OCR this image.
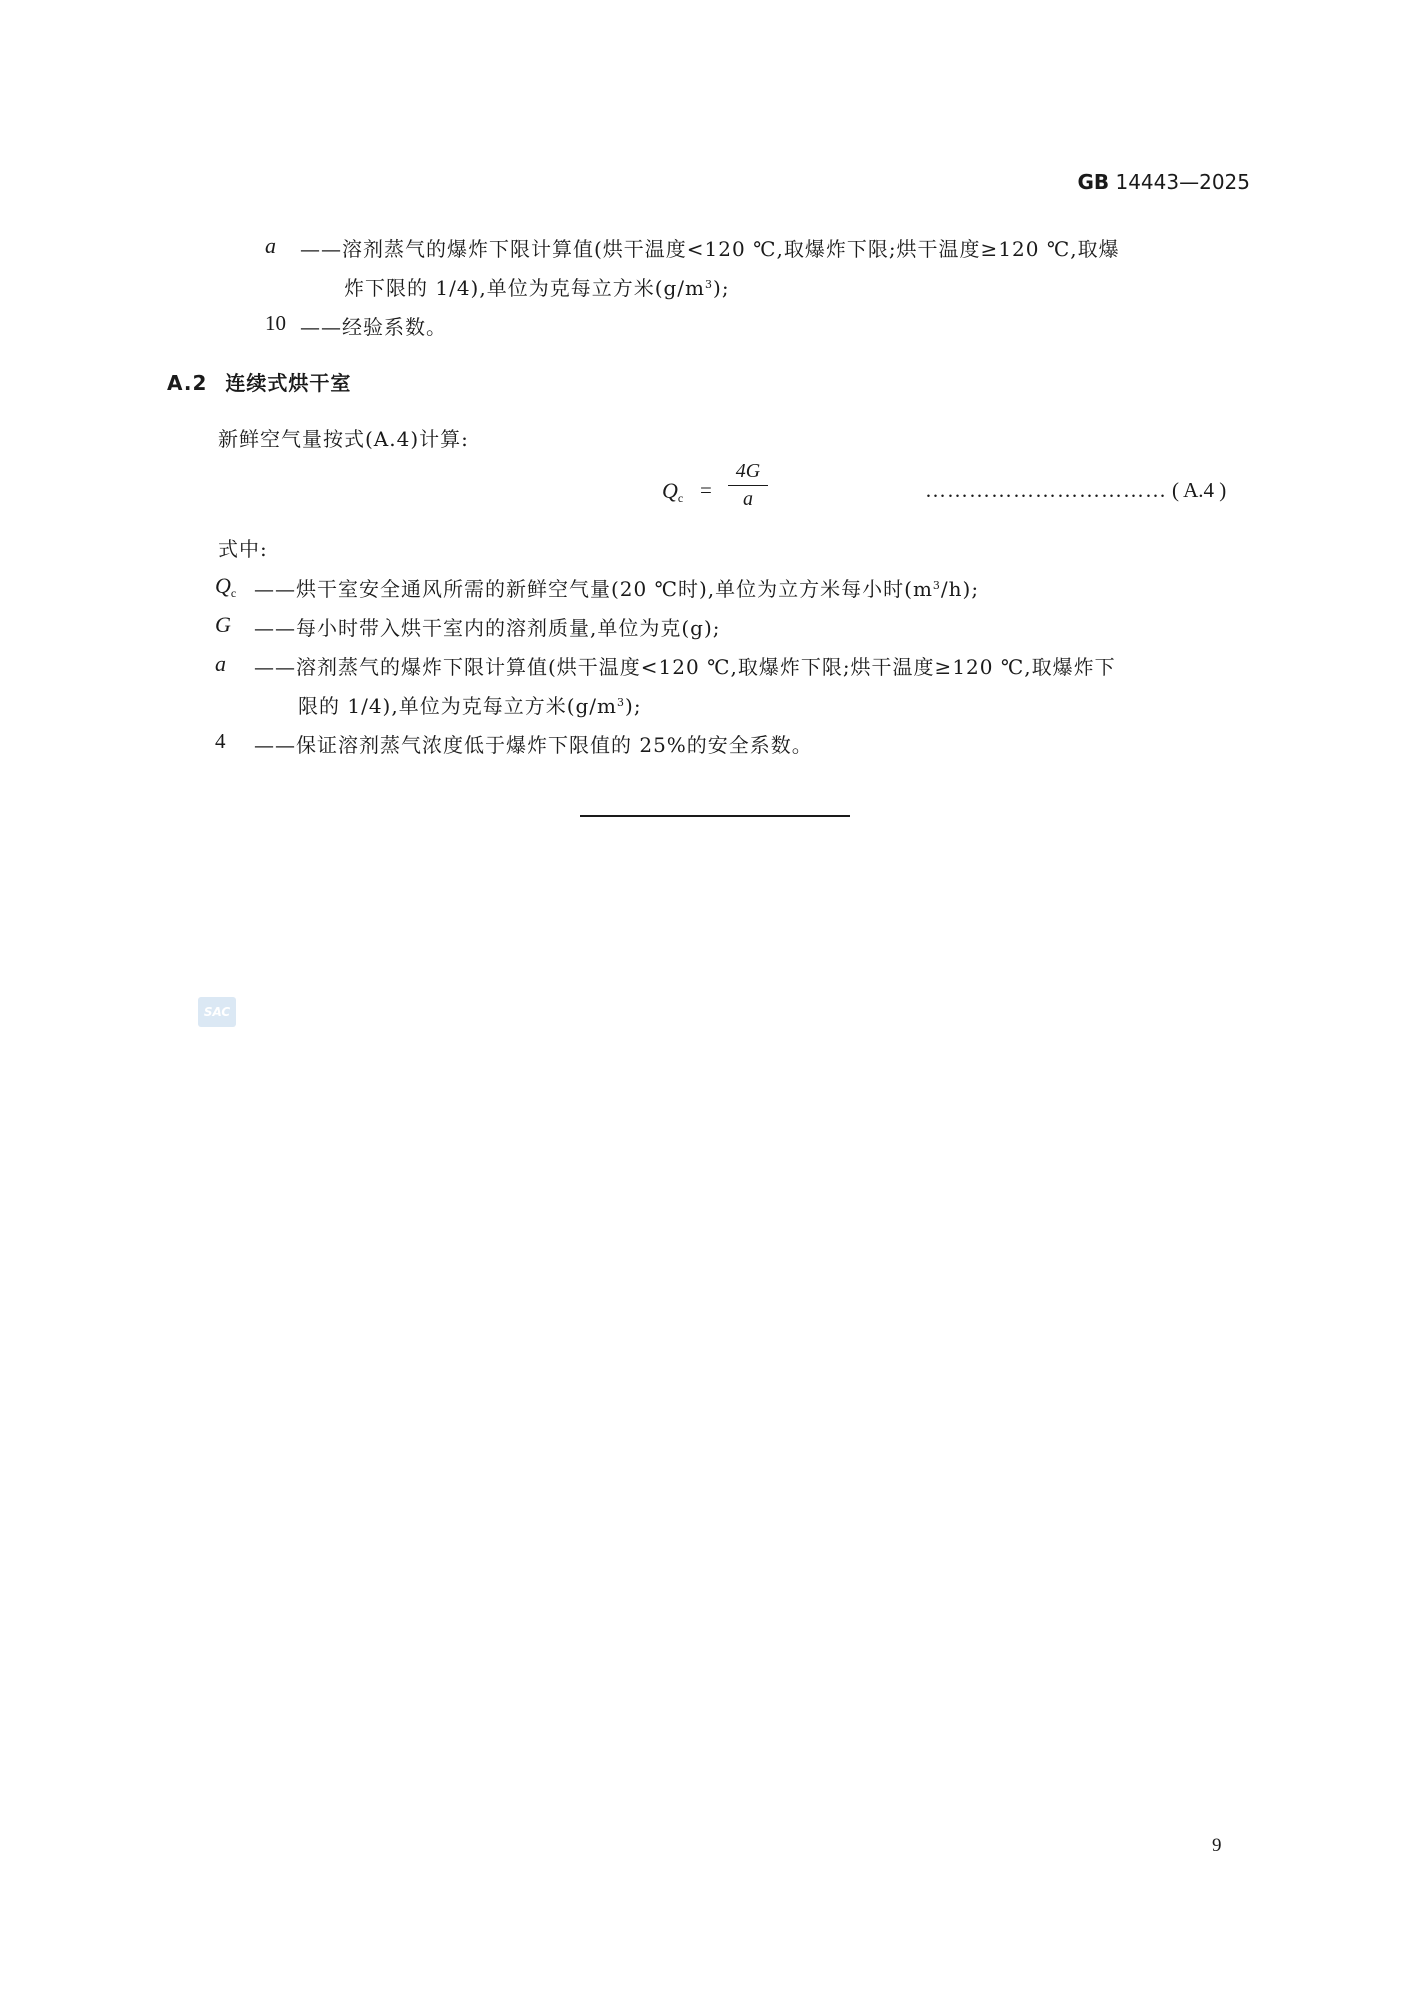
GB 14443—2025
a ——溶剂蒸气的爆炸下限计算值(烘干温度<120 ℃,取爆炸下限;烘干温度≥120 ℃,取爆
炸下限的 1/4),单位为克每立方米$(g/m^3)$;
10 ——经验系数。
A.2 连续式烘干室
新鲜空气量按式(A.4)计算:
$Q_c$ =
4G
a	…………………………… ( A.4 )
式中:
$Q_c$ ——烘干室安全通风所需的新鲜空气量(20 ℃时),单位为立方米每小时$(m^3/h)$;
G ——每小时带入烘干室内的溶剂质量,单位为克(g);
a ——溶剂蒸气的爆炸下限计算值(烘干温度<120 ℃,取爆炸下限;烘干温度≥120 ℃,取爆炸下
限的 1/4),单位为克每立方米$(g/m^3)$;
4 ——保证溶剂蒸气浓度低于爆炸下限值的 25%的安全系数。
SAC
9
